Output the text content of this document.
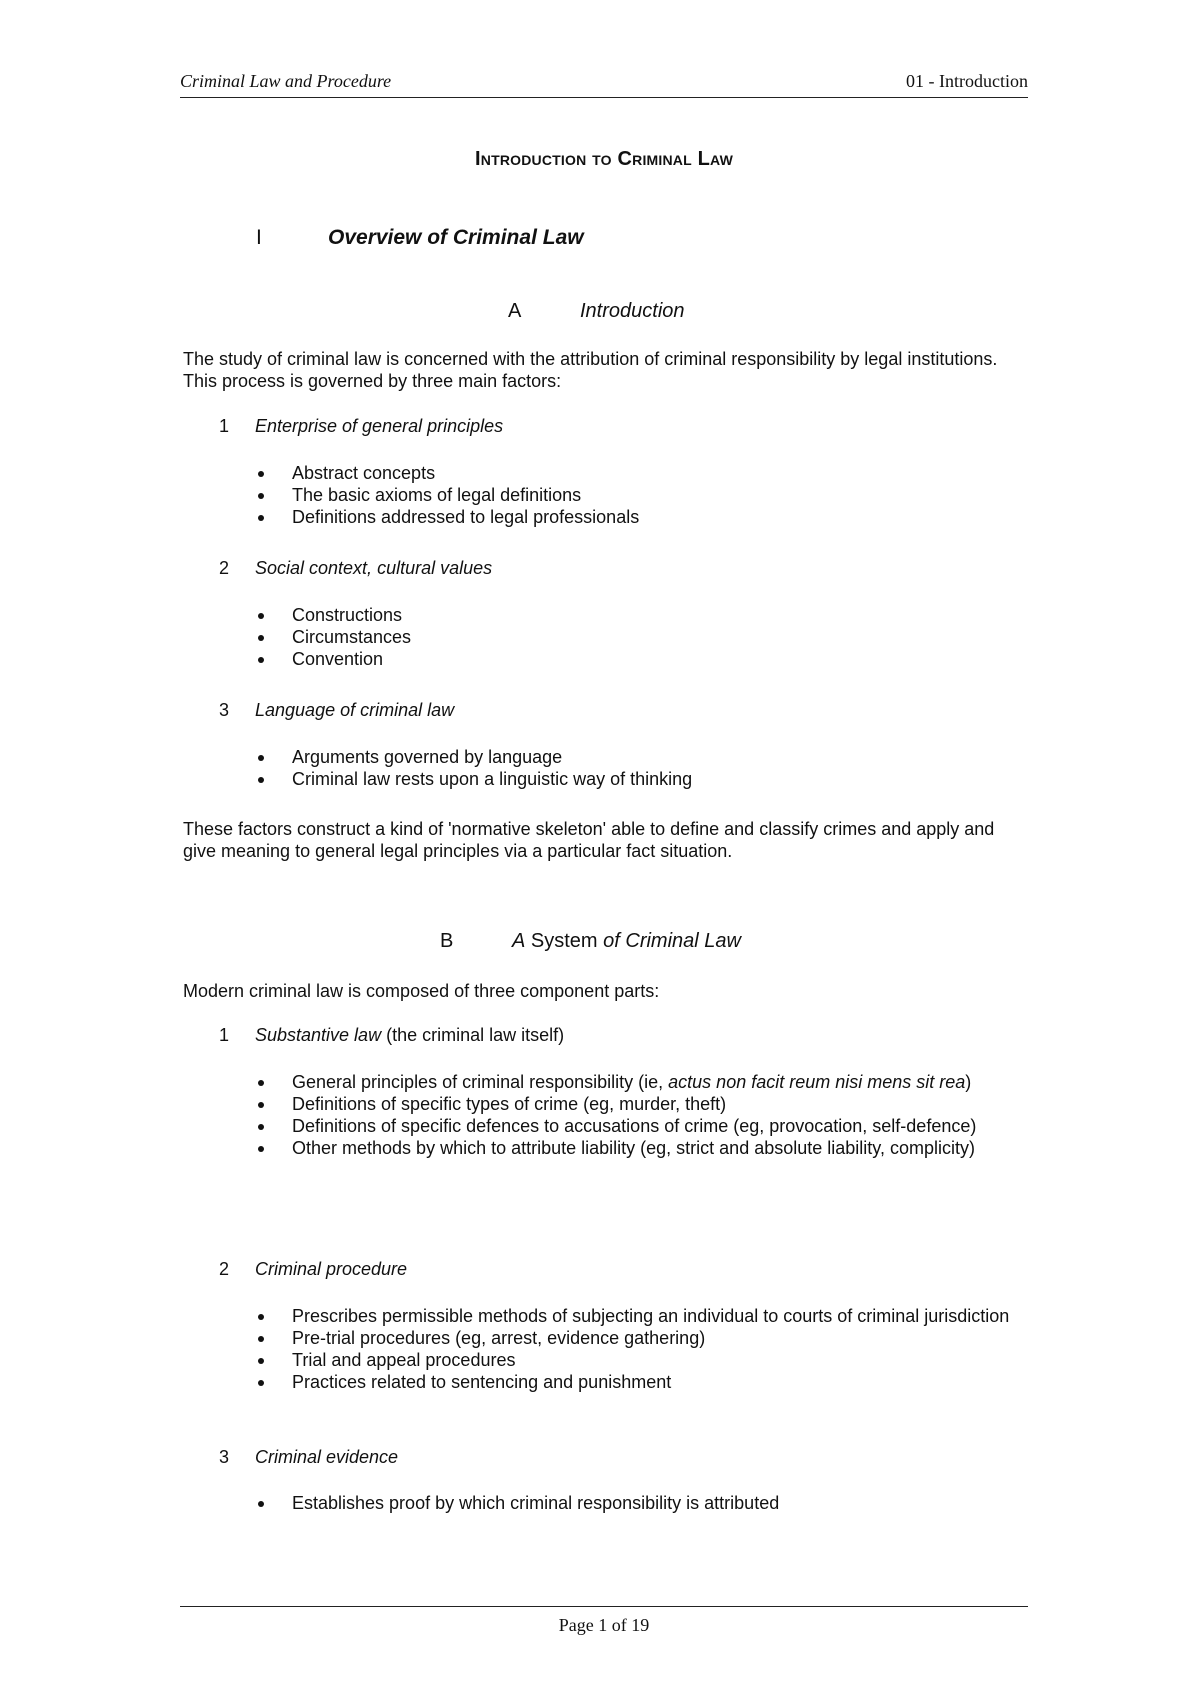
Criminal Law and Procedure	01 - Introduction
Introduction to Criminal Law
I	Overview of Criminal Law
A	Introduction

The study of criminal law is concerned with the attribution of criminal responsibility by legal institutions. This process is governed by three main factors:

1 Enterprise of general principles
Abstract concepts
The basic axioms of legal definitions
Definitions addressed to legal professionals
2 Social context, cultural values
Constructions
Circumstances
Convention
3 Language of criminal law
Arguments governed by language
Criminal law rests upon a linguistic way of thinking

These factors construct a kind of 'normative skeleton' able to define and classify crimes and apply and give meaning to general legal principles via a particular fact situation.

B	A System of Criminal Law

Modern criminal law is composed of three component parts:

1 Substantive law (the criminal law itself)
General principles of criminal responsibility (ie, actus non facit reum nisi mens sit rea)
Definitions of specific types of crime (eg, murder, theft)
Definitions of specific defences to accusations of crime (eg, provocation, self-defence)
Other methods by which to attribute liability (eg, strict and absolute liability, complicity)
2 Criminal procedure
Prescribes permissible methods of subjecting an individual to courts of criminal jurisdiction
Pre-trial procedures (eg, arrest, evidence gathering)
Trial and appeal procedures
Practices related to sentencing and punishment
3 Criminal evidence
Establishes proof by which criminal responsibility is attributed
Page 1 of 19
